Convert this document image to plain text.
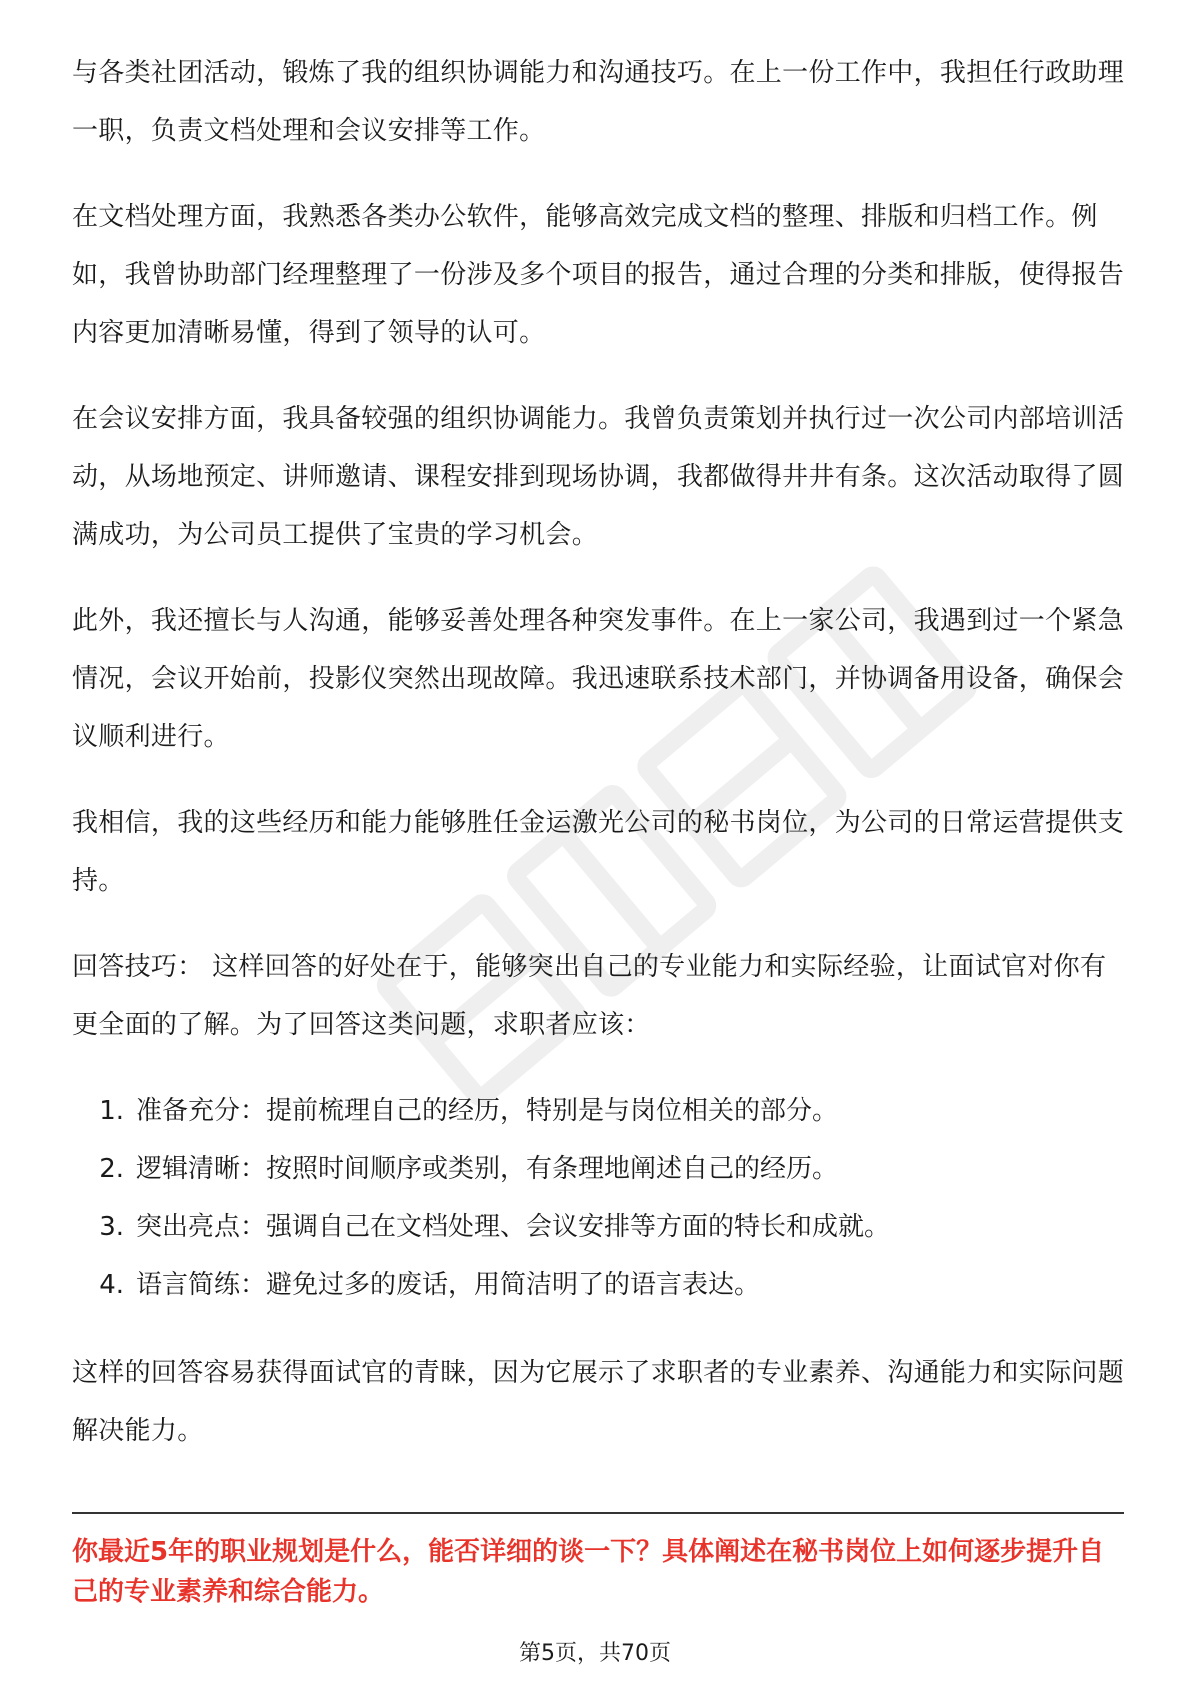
与各类社团活动，锻炼了我的组织协调能力和沟通技巧。在上一份工作中，我担任行政助理一职，负责文档处理和会议安排等工作。

在文档处理方面，我熟悉各类办公软件，能够高效完成文档的整理、排版和归档工作。例如，我曾协助部门经理整理了一份涉及多个项目的报告，通过合理的分类和排版，使得报告内容更加清晰易懂，得到了领导的认可。

在会议安排方面，我具备较强的组织协调能力。我曾负责策划并执行过一次公司内部培训活动，从场地预定、讲师邀请、课程安排到现场协调，我都做得井井有条。这次活动取得了圆满成功，为公司员工提供了宝贵的学习机会。

此外，我还擅长与人沟通，能够妥善处理各种突发事件。在上一家公司，我遇到过一个紧急情况，会议开始前，投影仪突然出现故障。我迅速联系技术部门，并协调备用设备，确保会议顺利进行。

我相信，我的这些经历和能力能够胜任金运激光公司的秘书岗位，为公司的日常运营提供支持。

回答技巧： 这样回答的好处在于，能够突出自己的专业能力和实际经验，让面试官对你有更全面的了解。为了回答这类问题，求职者应该：

1. 准备充分：提前梳理自己的经历，特别是与岗位相关的部分。
2. 逻辑清晰：按照时间顺序或类别，有条理地阐述自己的经历。
3. 突出亮点：强调自己在文档处理、会议安排等方面的特长和成就。
4. 语言简练：避免过多的废话，用简洁明了的语言表达。

这样的回答容易获得面试官的青睐，因为它展示了求职者的专业素养、沟通能力和实际问题解决能力。

你最近5年的职业规划是什么，能否详细的谈一下？具体阐述在秘书岗位上如何逐步提升自己的专业素养和综合能力。
第5页，共70页
